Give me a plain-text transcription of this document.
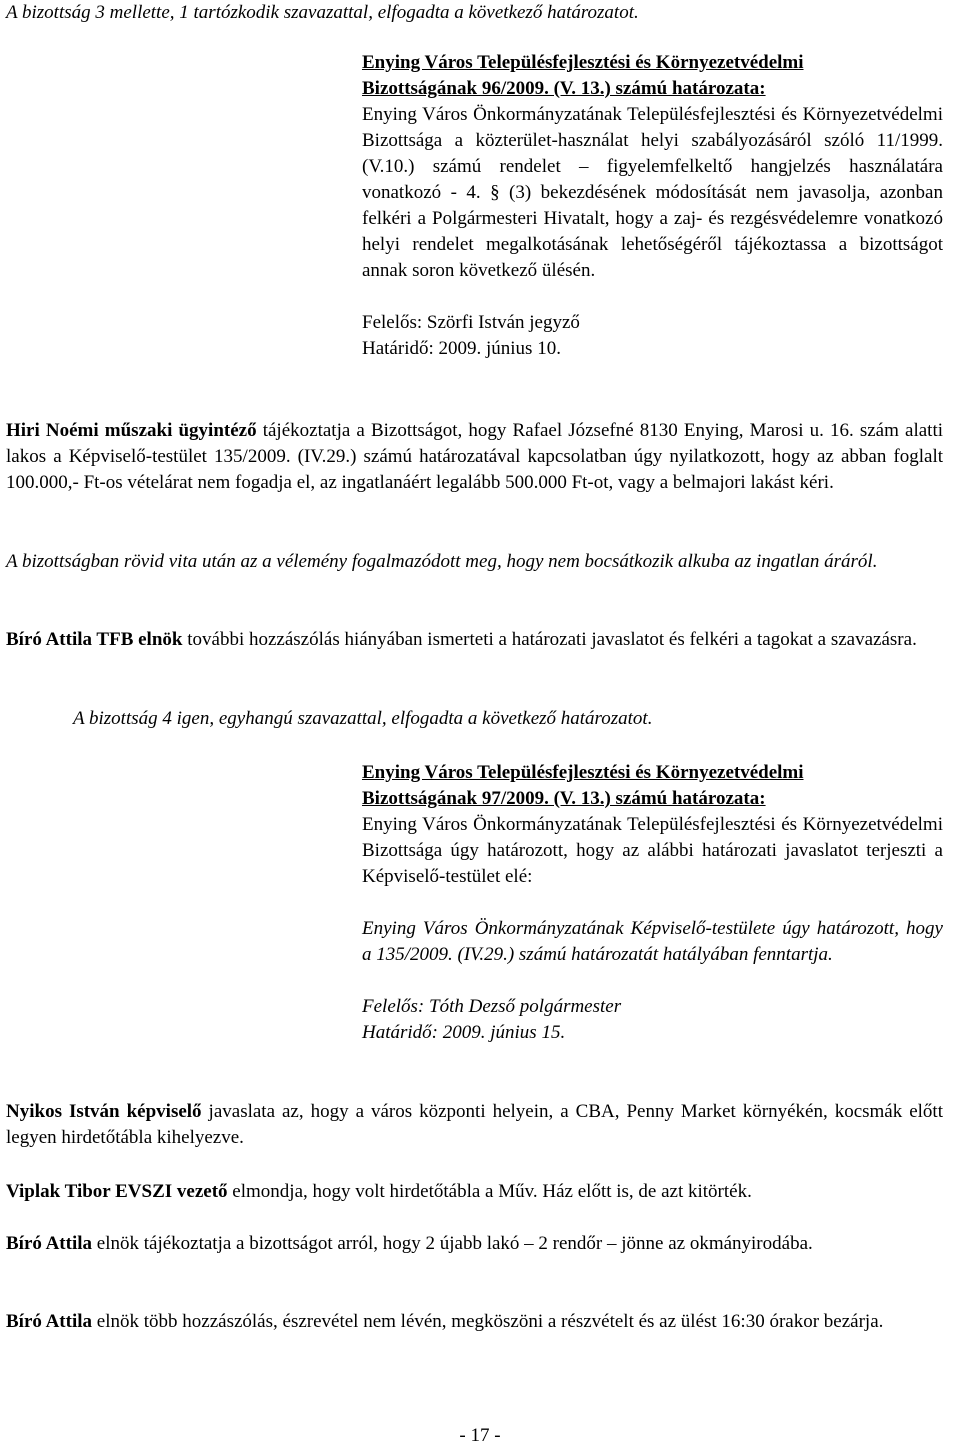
A bizottság 3 mellette, 1 tartózkodik szavazattal, elfogadta a következő határozatot.

Enying Város Településfejlesztési és Környezetvédelmi

Bizottságának 96/2009. (V. 13.) számú határozata:

Enying Város Önkormányzatának Településfejlesztési és Környezetvédelmi Bizottsága a közterület-használat helyi szabályozásáról szóló 11/1999. (V.10.) számú rendelet – figyelemfelkeltő hangjelzés használatára vonatkozó - 4. § (3) bekezdésének módosítását nem javasolja, azonban felkéri a Polgármesteri Hivatalt, hogy a zaj- és rezgésvédelemre vonatkozó helyi rendelet megalkotásának lehetőségéről tájékoztassa a bizottságot annak soron következő ülésén.

Felelős: Szörfi István jegyző

Határidő: 2009. június 10.

Hiri Noémi műszaki ügyintéző tájékoztatja a Bizottságot, hogy Rafael Józsefné 8130 Enying, Marosi u. 16. szám alatti lakos a Képviselő-testület 135/2009. (IV.29.) számú határozatával kapcsolatban úgy nyilatkozott, hogy az abban foglalt 100.000,- Ft-os vételárat nem fogadja el, az ingatlanáért legalább 500.000 Ft-ot, vagy a belmajori lakást kéri.

A bizottságban rövid vita után az a vélemény fogalmazódott meg, hogy nem bocsátkozik alkuba az ingatlan áráról.

Bíró Attila TFB elnök további hozzászólás hiányában ismerteti a határozati javaslatot és felkéri a tagokat a szavazásra.

A bizottság 4 igen, egyhangú szavazattal, elfogadta a következő határozatot.

Enying Város Településfejlesztési és Környezetvédelmi

Bizottságának 97/2009. (V. 13.) számú határozata:

Enying Város Önkormányzatának Településfejlesztési és Környezetvédelmi Bizottsága úgy határozott, hogy az alábbi határozati javaslatot terjeszti a Képviselő-testület elé:

Enying Város Önkormányzatának Képviselő-testülete úgy határozott, hogy a 135/2009. (IV.29.) számú határozatát hatályában fenntartja.

Felelős: Tóth Dezső polgármester

Határidő: 2009. június 15.

Nyikos István képviselő javaslata az, hogy a város központi helyein, a CBA, Penny Market környékén, kocsmák előtt legyen hirdetőtábla kihelyezve.

Viplak Tibor EVSZI vezető elmondja, hogy volt hirdetőtábla a Műv. Ház előtt is, de azt kitörték.

Bíró Attila elnök tájékoztatja a bizottságot arról, hogy 2 újabb lakó – 2 rendőr – jönne az okmányirodába.

Bíró Attila elnök több hozzászólás, észrevétel nem lévén, megköszöni a részvételt és az ülést 16:30 órakor bezárja.

- 17 -
